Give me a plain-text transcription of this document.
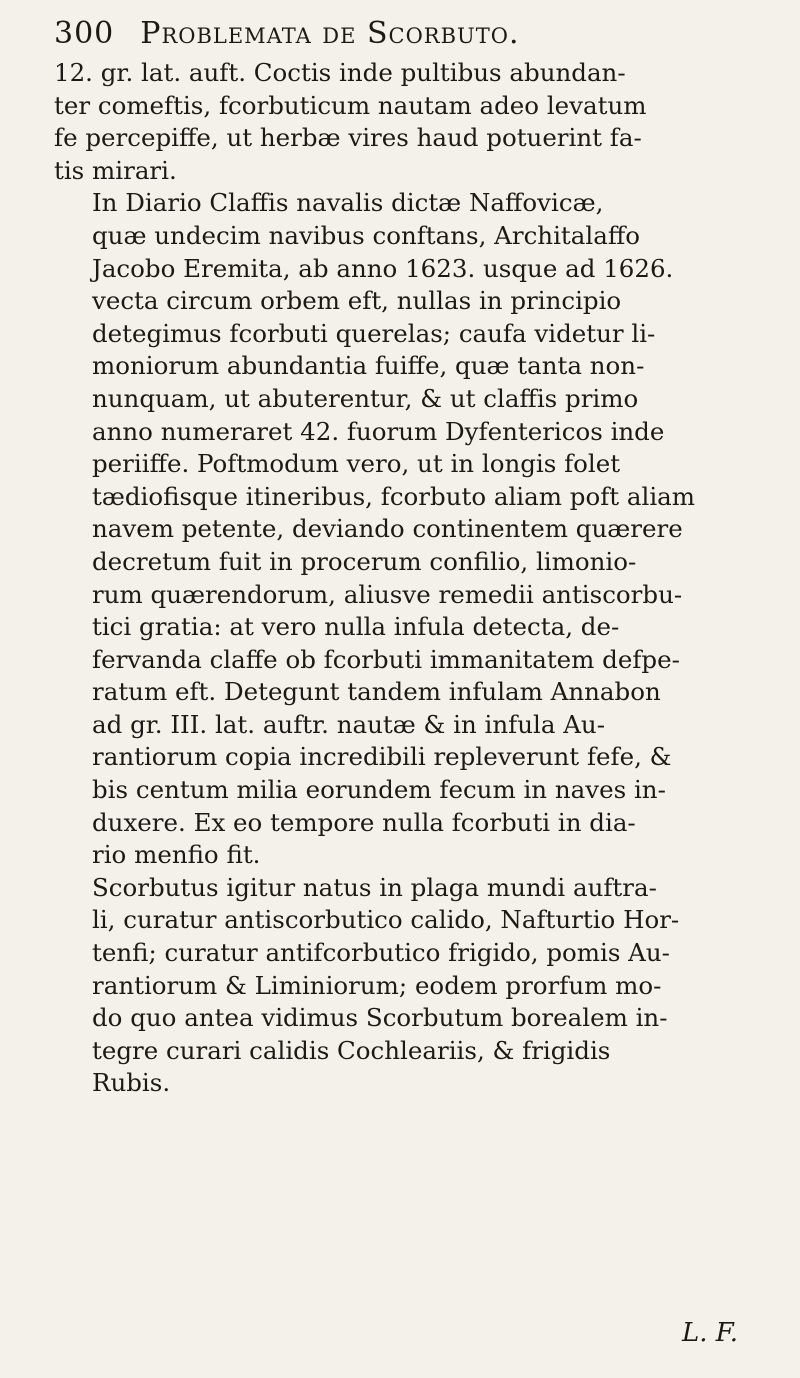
300 Problemata de Scorbuto.

12. gr. lat. auft. Coctis inde pultibus abundan-
ter comeftis, fcorbuticum nautam adeo levatum
fe percepiffe, ut herbæ vires haud potuerint fa-
tis mirari.

In Diario Claffis navalis dictæ Naffovicæ,
quæ undecim navibus conftans, Architalaffo
Jacobo Eremita, ab anno 1623. usque ad 1626.
vecta circum orbem eft, nullas in principio
detegimus fcorbuti querelas; caufa videtur li-
moniorum abundantia fuiffe, quæ tanta non-
nunquam, ut abuterentur, & ut claffis primo
anno numeraret 42. fuorum Dyfentericos inde
periiffe. Poftmodum vero, ut in longis folet
tædiofisque itineribus, fcorbuto aliam poft aliam
navem petente, deviando continentem quærere
decretum fuit in procerum confilio, limonio-
rum quærendorum, aliusve remedii antiscorbu-
tici gratia: at vero nulla infula detecta, de-
fervanda claffe ob fcorbuti immanitatem defpe-
ratum eft. Detegunt tandem infulam Annabon
ad gr. III. lat. auftr. nautæ & in infula Au-
rantiorum copia incredibili repleverunt fefe, &
bis centum milia eorundem fecum in naves in-
duxere. Ex eo tempore nulla fcorbuti in dia-
rio menfio fit.

Scorbutus igitur natus in plaga mundi auftra-
li, curatur antiscorbutico calido, Nafturtio Hor-
tenfi; curatur antifcorbutico frigido, pomis Au-
rantiorum & Liminiorum; eodem prorfum mo-
do quo antea vidimus Scorbutum borealem in-
tegre curari calidis Cochleariis, & frigidis
Rubis.

L. F.
